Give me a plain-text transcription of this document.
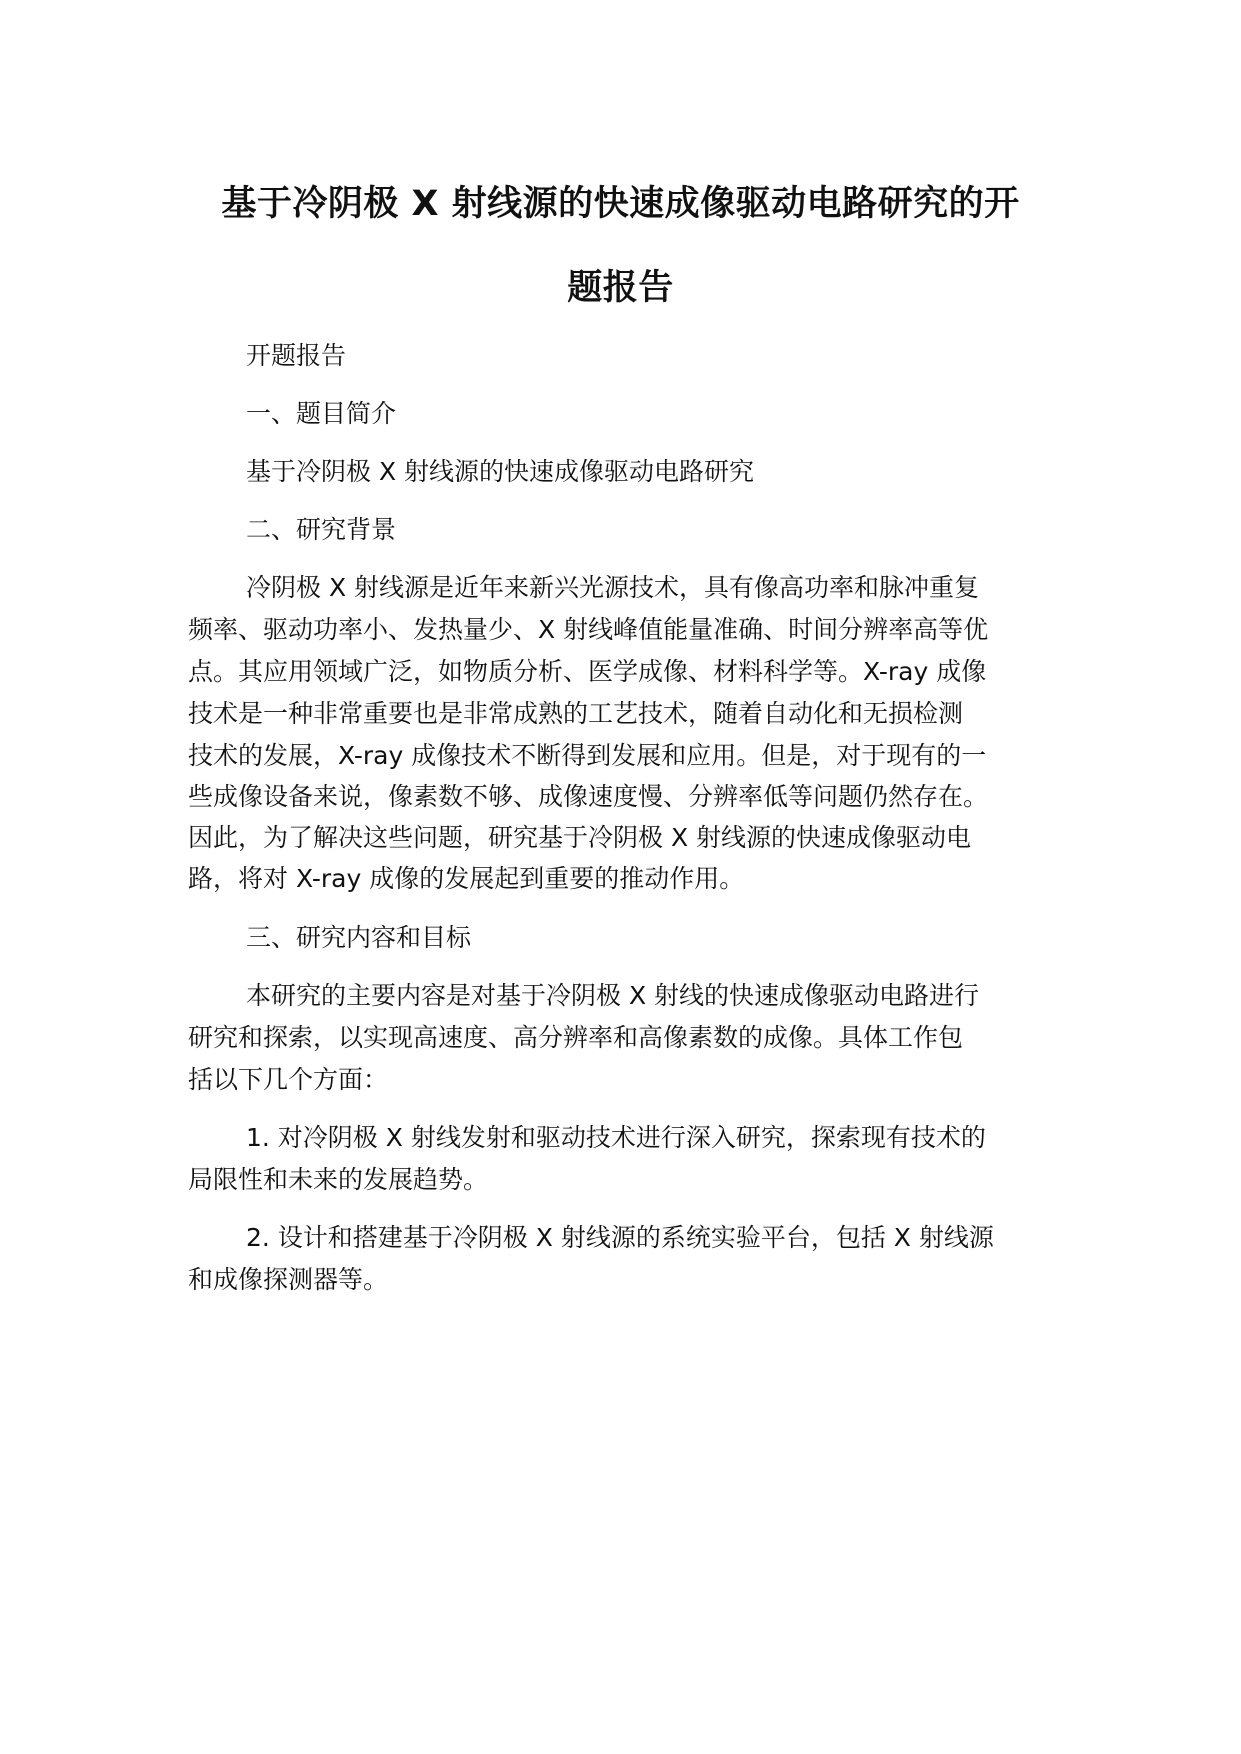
基于冷阴极 X 射线源的快速成像驱动电路研究的开
题报告

开题报告

一、题目简介

基于冷阴极 X 射线源的快速成像驱动电路研究

二、研究背景

冷阴极 X 射线源是近年来新兴光源技术，具有像高功率和脉冲重复

频率、驱动功率小、发热量少、X 射线峰值能量准确、时间分辨率高等优

点。其应用领域广泛，如物质分析、医学成像、材料科学等。X-ray 成像

技术是一种非常重要也是非常成熟的工艺技术，随着自动化和无损检测

技术的发展，X-ray 成像技术不断得到发展和应用。但是，对于现有的一

些成像设备来说，像素数不够、成像速度慢、分辨率低等问题仍然存在。

因此，为了解决这些问题，研究基于冷阴极 X 射线源的快速成像驱动电

路，将对 X-ray 成像的发展起到重要的推动作用。

三、研究内容和目标

本研究的主要内容是对基于冷阴极 X 射线的快速成像驱动电路进行

研究和探索，以实现高速度、高分辨率和高像素数的成像。具体工作包

括以下几个方面：

1. 对冷阴极 X 射线发射和驱动技术进行深入研究，探索现有技术的

局限性和未来的发展趋势。

2. 设计和搭建基于冷阴极 X 射线源的系统实验平台，包括 X 射线源

和成像探测器等。
